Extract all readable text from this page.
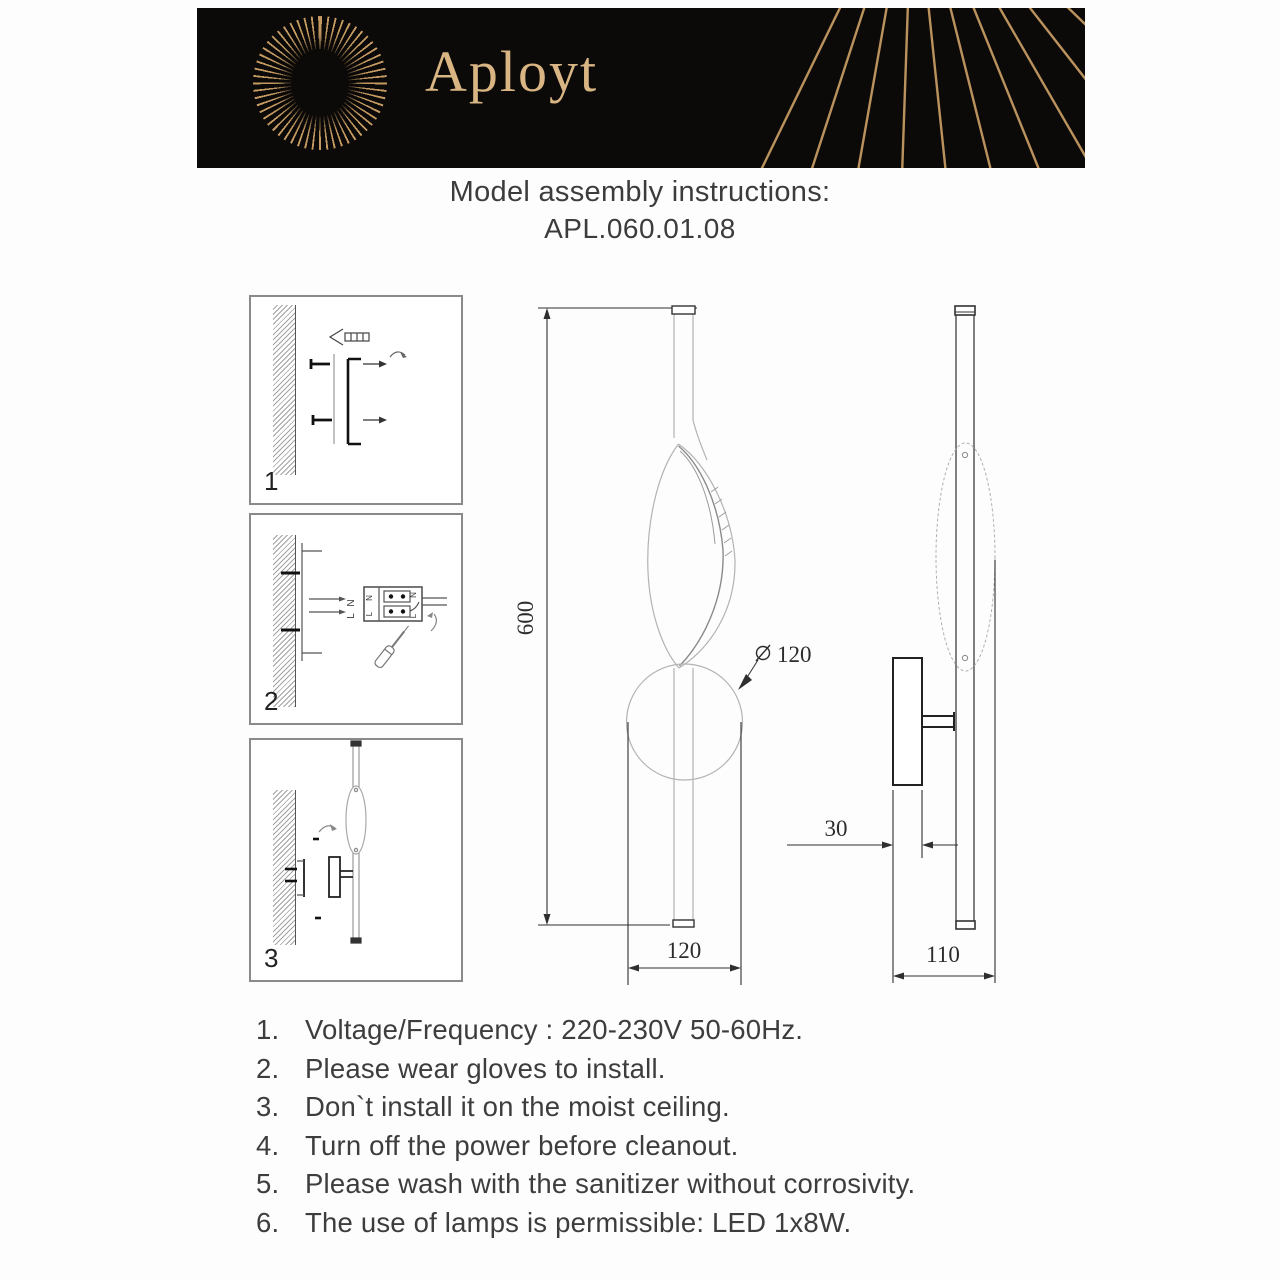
Aployt
Model assembly instructions:
APL.060.01.08
1
N
L
N
L
N
L
2
3
600
120
120
30
110
1. Voltage/Frequency : 220-230V 50-60Hz.
2. Please wear gloves to install.
3. Don`t install it on the moist ceiling.
4. Turn off the power before cleanout.
5. Please wash with the sanitizer without corrosivity.
6. The use of lamps is permissible: LED 1x8W.
